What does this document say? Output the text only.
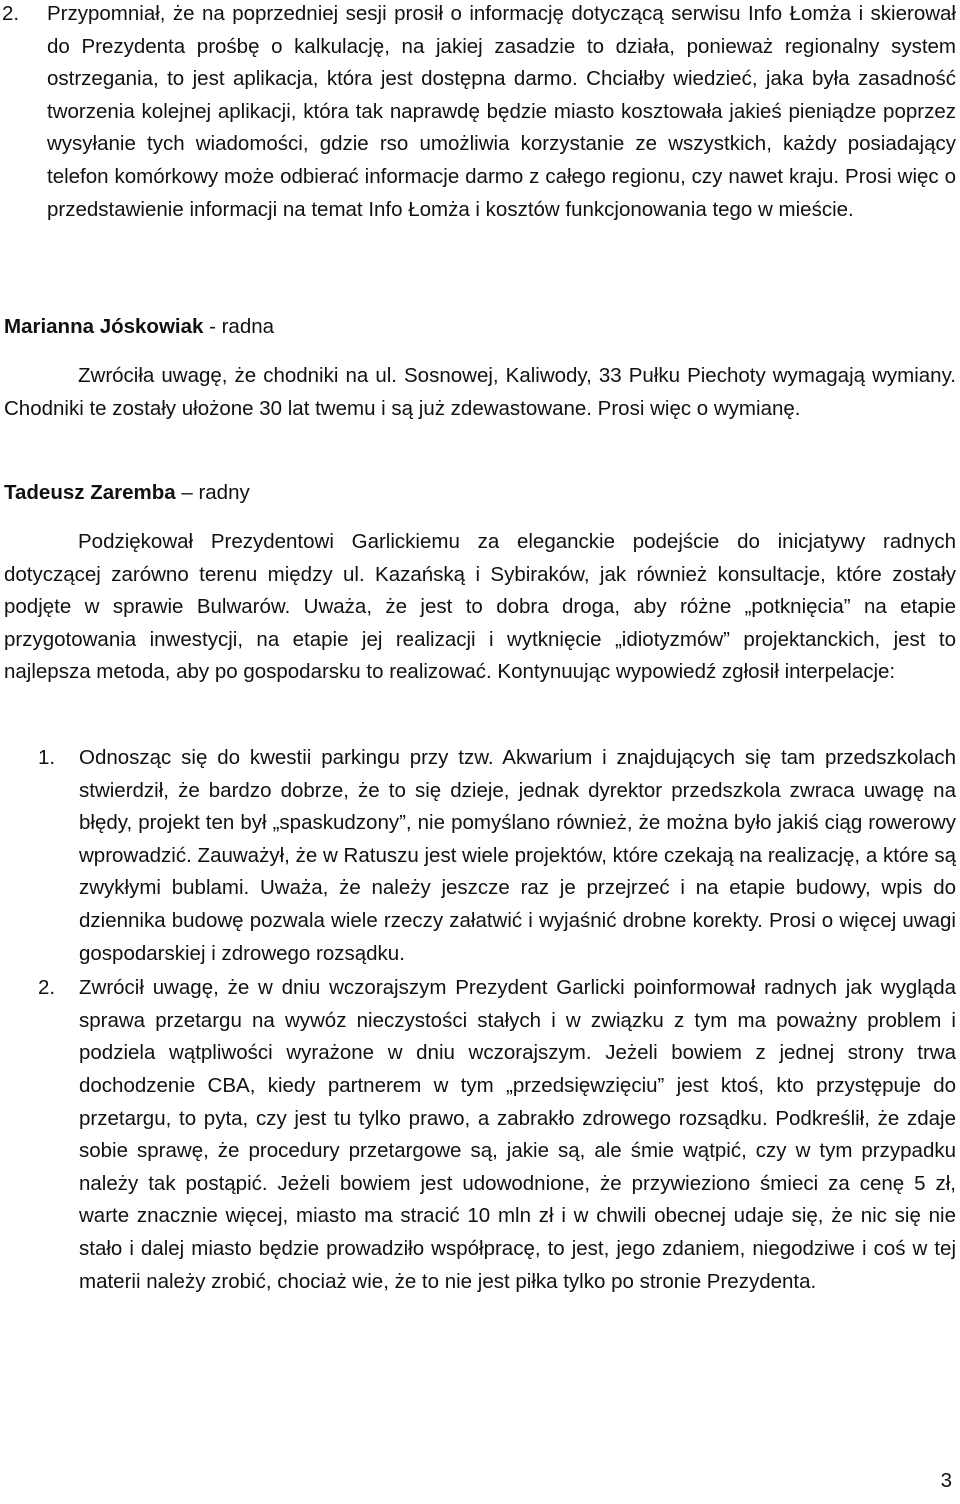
2.	Przypomniał, że na poprzedniej sesji prosił o informację dotyczącą serwisu Info Łomża i skierował do Prezydenta prośbę o kalkulację, na jakiej zasadzie to działa, ponieważ regionalny system ostrzegania, to jest aplikacja, która jest dostępna darmo. Chciałby wiedzieć, jaka była zasadność tworzenia kolejnej aplikacji, która tak naprawdę będzie miasto kosztowała jakieś pieniądze poprzez wysyłanie tych wiadomości, gdzie rso umożliwia korzystanie ze wszystkich, każdy posiadający telefon komórkowy może odbierać informacje darmo z całego regionu, czy nawet kraju. Prosi więc o przedstawienie informacji na temat Info Łomża i kosztów funkcjonowania tego w mieście.
Marianna Jóskowiak - radna
Zwróciła uwagę, że chodniki na ul. Sosnowej, Kaliwody, 33 Pułku Piechoty wymagają wymiany. Chodniki te zostały ułożone 30 lat twemu i są już zdewastowane. Prosi więc o wymianę.
Tadeusz Zaremba – radny
Podziękował Prezydentowi Garlickiemu za eleganckie podejście do inicjatywy radnych dotyczącej zarówno terenu między ul. Kazańską i Sybiraków, jak również konsultacje, które zostały podjęte w sprawie Bulwarów. Uważa, że jest to dobra droga, aby różne „potknięcia” na etapie przygotowania inwestycji, na etapie jej realizacji i wytknięcie „idiotyzmów” projektanckich, jest to najlepsza metoda, aby po gospodarsku to realizować. Kontynuując wypowiedź zgłosił interpelacje:
1.	Odnosząc się do kwestii parkingu przy tzw. Akwarium i znajdujących się tam przedszkolach stwierdził, że bardzo dobrze, że to się dzieje, jednak dyrektor przedszkola zwraca uwagę na błędy, projekt ten był „spaskudzony”, nie pomyślano również, że można było jakiś ciąg rowerowy wprowadzić. Zauważył, że w Ratuszu jest wiele projektów, które czekają na realizację, a które są zwykłymi bublami. Uważa, że należy jeszcze raz je przejrzeć i na etapie budowy, wpis do dziennika budowę pozwala wiele rzeczy załatwić i wyjaśnić drobne korekty. Prosi o więcej uwagi gospodarskiej i zdrowego rozsądku.
2.	Zwrócił uwagę, że w dniu wczorajszym Prezydent Garlicki poinformował radnych jak wygląda sprawa przetargu na wywóz nieczystości stałych i w związku z tym ma poważny problem i podziela wątpliwości wyrażone w dniu wczorajszym. Jeżeli bowiem z jednej strony trwa dochodzenie CBA, kiedy partnerem w tym „przedsięwzięciu” jest ktoś, kto przystępuje do przetargu, to pyta, czy jest tu tylko prawo, a zabrakło zdrowego rozsądku. Podkreślił, że zdaje sobie sprawę, że procedury przetargowe są, jakie są, ale śmie wątpić, czy w tym przypadku należy tak postąpić. Jeżeli bowiem jest udowodnione, że przywieziono śmieci za cenę 5 zł, warte znacznie więcej, miasto ma stracić 10 mln zł i w chwili obecnej udaje się, że nic się nie stało i dalej miasto będzie prowadziło współpracę, to jest, jego zdaniem, niegodziwe i coś w tej materii należy zrobić, chociaż wie, że to nie jest piłka tylko po stronie Prezydenta.
3
